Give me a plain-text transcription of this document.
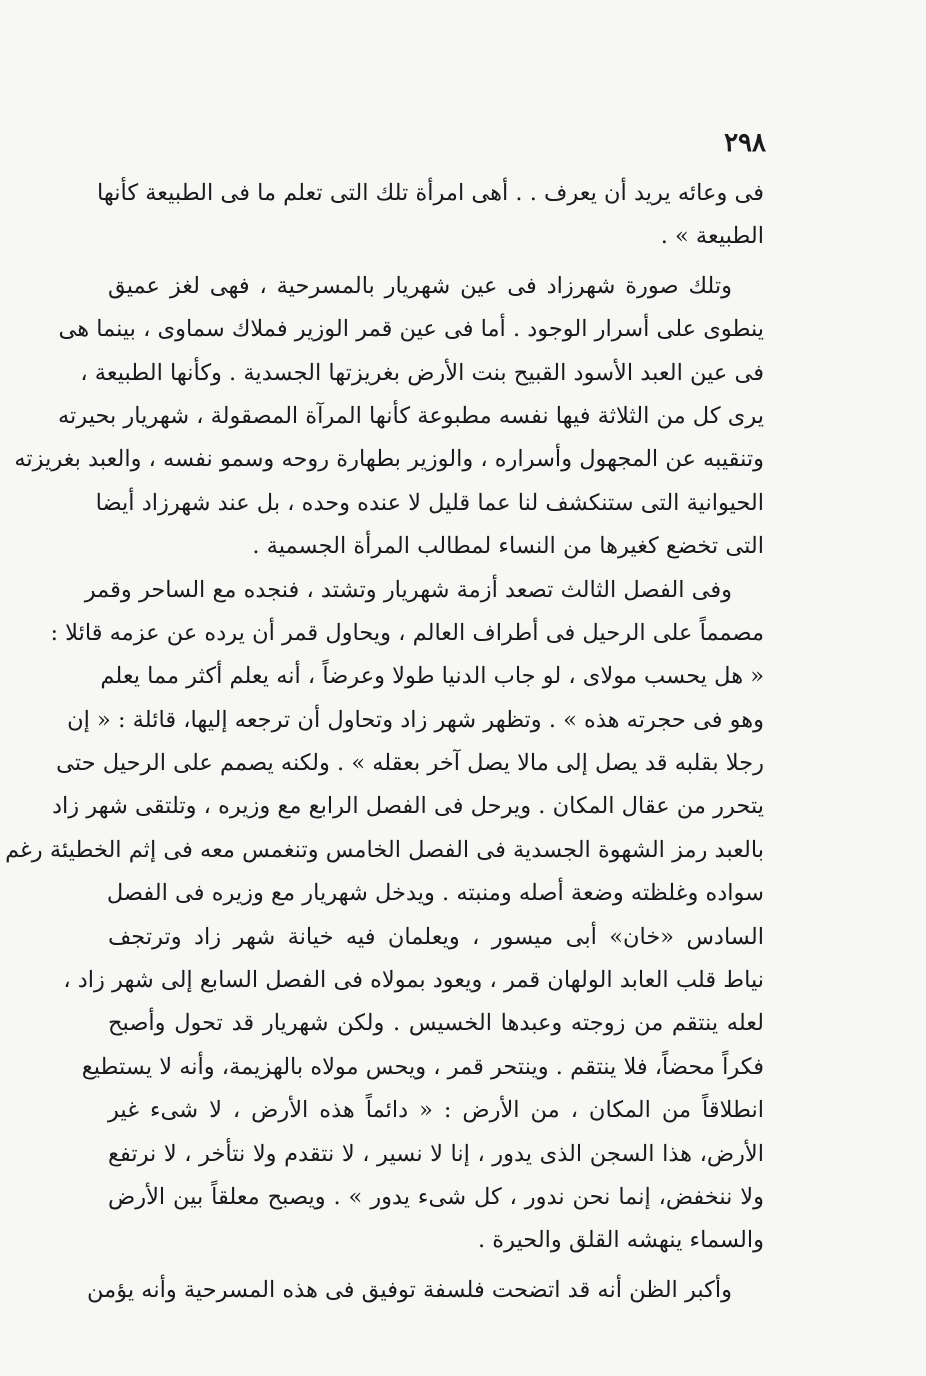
٢٩٨
فى وعائه يريد أن يعرف . . أهى امرأة تلك التى تعلم ما فى الطبيعة كأنها
الطبيعة » .
وتلك صورة شهرزاد فى عين شهريار بالمسرحية ، فهى لغز عميق
ينطوى على أسرار الوجود . أما فى عين قمر الوزير فملاك سماوى ، بينما هى
فى عين العبد الأسود القبيح بنت الأرض بغريزتها الجسدية . وكأنها الطبيعة ،
يرى كل من الثلاثة فيها نفسه مطبوعة كأنها المرآة المصقولة ، شهريار بحيرته
وتنقيبه عن المجهول وأسراره ، والوزير بطهارة روحه وسمو نفسه ، والعبد بغريزته
الحيوانية التى ستنكشف لنا عما قليل لا عنده وحده ، بل عند شهرزاد أيضا
التى تخضع كغيرها من النساء لمطالب المرأة الجسمية .
وفى الفصل الثالث تصعد أزمة شهريار وتشتد ، فنجده مع الساحر وقمر
مصمماً على الرحيل فى أطراف العالم ، ويحاول قمر أن يرده عن عزمه قائلا :
« هل يحسب مولاى ، لو جاب الدنيا طولا وعرضاً ، أنه يعلم أكثر مما يعلم
وهو فى حجرته هذه » . وتظهر شهر زاد وتحاول أن ترجعه إليها، قائلة : « إن
رجلا بقلبه قد يصل إلى مالا يصل آخر بعقله » . ولكنه يصمم على الرحيل حتى
يتحرر من عقال المكان . ويرحل فى الفصل الرابع مع وزيره ، وتلتقى شهر زاد
بالعبد رمز الشهوة الجسدية فى الفصل الخامس وتنغمس معه فى إثم الخطيئة رغم
سواده وغلظته وضعة أصله ومنبته . ويدخل شهريار مع وزيره فى الفصل
السادس «خان» أبى ميسور ، ويعلمان فيه خيانة شهر زاد وترتجف
نياط قلب العابد الولهان قمر ، ويعود بمولاه فى الفصل السابع إلى شهر زاد ،
لعله ينتقم من زوجته وعبدها الخسيس . ولكن شهريار قد تحول وأصبح
فكراً محضاً، فلا ينتقم . وينتحر قمر ، ويحس مولاه بالهزيمة، وأنه لا يستطيع
انطلاقاً من المكان ، من الأرض : « دائماً هذه الأرض ، لا شىء غير
الأرض، هذا السجن الذى يدور ، إنا لا نسير ، لا نتقدم ولا نتأخر ، لا نرتفع
ولا ننخفض، إنما نحن ندور ، كل شىء يدور » . ويصبح معلقاً بين الأرض
والسماء ينهشه القلق والحيرة .
وأكبر الظن أنه قد اتضحت فلسفة توفيق فى هذه المسرحية وأنه يؤمن
